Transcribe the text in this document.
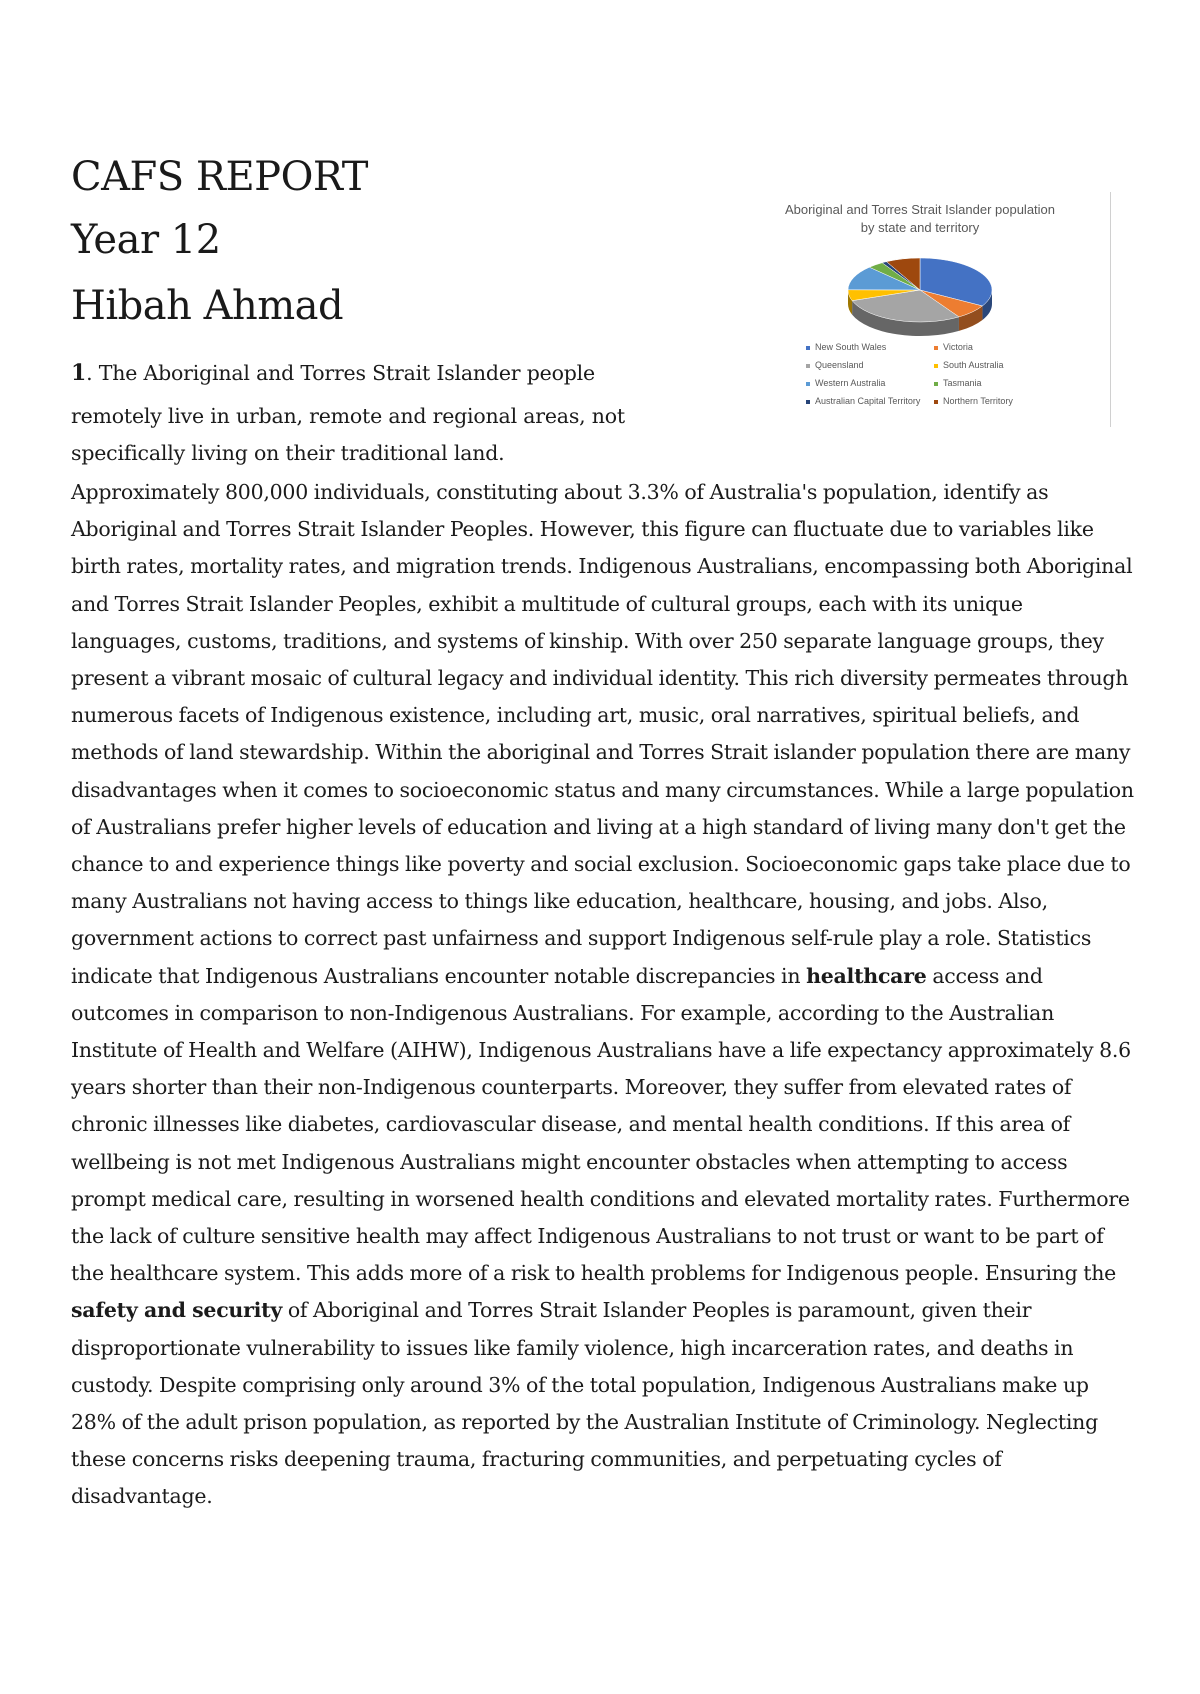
CAFS REPORT
Year 12
Hibah Ahmad
1. The Aboriginal and Torres Strait Islander people
remotely live in urban, remote and regional areas, not
specifically living on their traditional land.
Approximately 800,000 individuals, constituting about 3.3% of Australia's population, identify as Aboriginal and Torres Strait Islander Peoples. However, this figure can fluctuate due to variables like birth rates, mortality rates, and migration trends. Indigenous Australians, encompassing both Aboriginal and Torres Strait Islander Peoples, exhibit a multitude of cultural groups, each with its unique languages, customs, traditions, and systems of kinship. With over 250 separate language groups, they present a vibrant mosaic of cultural legacy and individual identity. This rich diversity permeates through numerous facets of Indigenous existence, including art, music, oral narratives, spiritual beliefs, and methods of land stewardship. Within the aboriginal and Torres Strait islander population there are many disadvantages when it comes to socioeconomic status and many circumstances. While a large population of Australians prefer higher levels of education and living at a high standard of living many don't get the chance to and experience things like poverty and social exclusion. Socioeconomic gaps take place due to many Australians not having access to things like education, healthcare, housing, and jobs. Also, government actions to correct past unfairness and support Indigenous self-rule play a role. Statistics indicate that Indigenous Australians encounter notable discrepancies in healthcare access and outcomes in comparison to non-Indigenous Australians. For example, according to the Australian Institute of Health and Welfare (AIHW), Indigenous Australians have a life expectancy approximately 8.6 years shorter than their non-Indigenous counterparts. Moreover, they suffer from elevated rates of chronic illnesses like diabetes, cardiovascular disease, and mental health conditions. If this area of wellbeing is not met Indigenous Australians might encounter obstacles when attempting to access prompt medical care, resulting in worsened health conditions and elevated mortality rates. Furthermore the lack of culture sensitive health may affect Indigenous Australians to not trust or want to be part of the healthcare system. This adds more of a risk to health problems for Indigenous people. Ensuring the safety and security of Aboriginal and Torres Strait Islander Peoples is paramount, given their disproportionate vulnerability to issues like family violence, high incarceration rates, and deaths in custody. Despite comprising only around 3% of the total population, Indigenous Australians make up 28% of the adult prison population, as reported by the Australian Institute of Criminology. Neglecting these concerns risks deepening trauma, fracturing communities, and perpetuating cycles of disadvantage.
Aboriginal and Torres Strait Islander population
by state and territory
New South Wales	Victoria
Queensland	South Australia
Western Australia	Tasmania
Australian Capital Territory	Northern Territory
